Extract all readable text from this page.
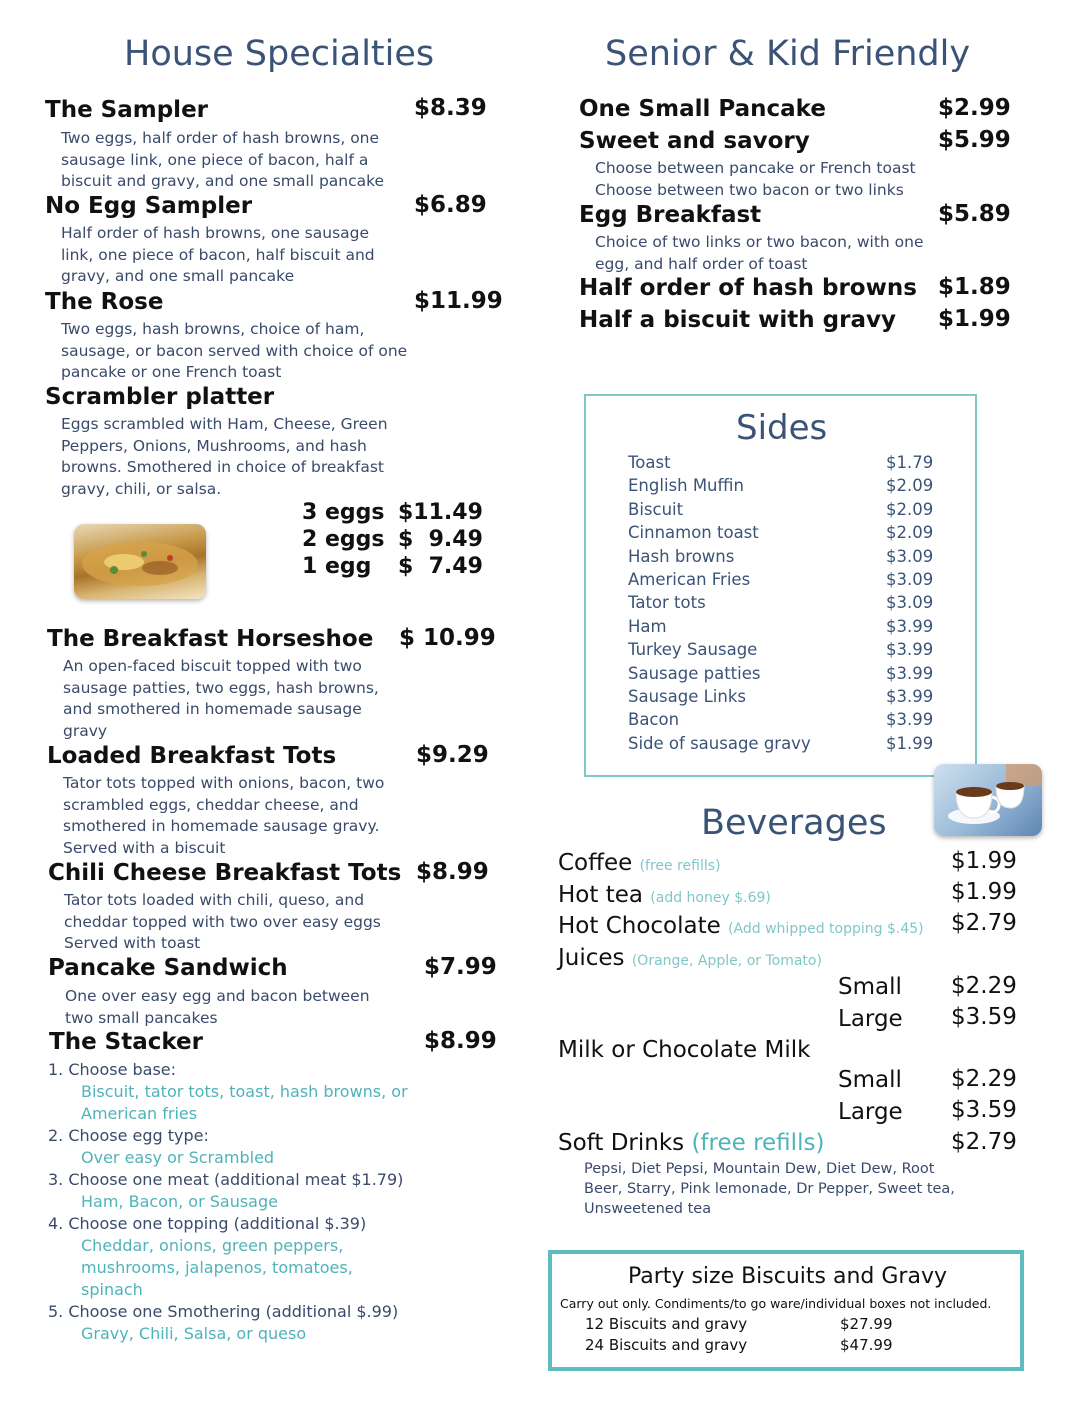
House Specialties
The Sampler	$8.39
Two eggs, half order of hash browns, one
sausage link, one piece of bacon, half a
biscuit and gravy, and one small pancake
No Egg Sampler	$6.89
Half order of hash browns, one sausage
link, one piece of bacon, half biscuit and
gravy, and one small pancake
The Rose	$11.99
Two eggs, hash browns, choice of ham,
sausage, or bacon served with choice of one
pancake or one French toast
Scrambler platter
Eggs scrambled with Ham, Cheese, Green
Peppers, Onions, Mushrooms, and hash
browns. Smothered in choice of breakfast
gravy, chili, or salsa.
3 eggs $11.49
2 eggs $  9.49
1 egg $  7.49
The Breakfast Horseshoe $ 10.99
An open-faced biscuit topped with two
sausage patties, two eggs, hash browns,
and smothered in homemade sausage
gravy
Loaded Breakfast Tots	$9.29
Tator tots topped with onions, bacon, two
scrambled eggs, cheddar cheese, and
smothered in homemade sausage gravy.
Served with a biscuit
Chili Cheese Breakfast Tots $8.99
Tator tots loaded with chili, queso, and
cheddar topped with two over easy eggs
Served with toast
Pancake Sandwich	$7.99
One over easy egg and bacon between
two small pancakes
The Stacker	$8.99
1. Choose base:
Biscuit, tator tots, toast, hash browns, or
American fries
2. Choose egg type:
Over easy or Scrambled
3. Choose one meat (additional meat $1.79)
Ham, Bacon, or Sausage
4. Choose one topping (additional $.39)
Cheddar, onions, green peppers,
mushrooms, jalapenos, tomatoes,
spinach
5. Choose one Smothering (additional $.99)
Gravy, Chili, Salsa, or queso
Senior & Kid Friendly
One Small Pancake	$2.99
Sweet and savory	$5.99
Choose between pancake or French toast
Choose between two bacon or two links
Egg Breakfast	$5.89
Choice of two links or two bacon, with one
egg, and half order of toast
Half order of hash browns $1.89
Half a biscuit with gravy $1.99
Sides
Toast	$1.79
English Muffin	$2.09
Biscuit	$2.09
Cinnamon toast	$2.09
Hash browns	$3.09
American Fries	$3.09
Tator tots	$3.09
Ham	$3.99
Turkey Sausage	$3.99
Sausage patties	$3.99
Sausage Links	$3.99
Bacon	$3.99
Side of sausage gravy	$1.99
Beverages
Coffee (free refills)	$1.99
Hot tea (add honey $.69)	$1.99
Hot Chocolate (Add whipped topping $.45) $2.79
Juices (Orange, Apple, or Tomato)
Small $2.29
Large $3.59
Milk or Chocolate Milk
Small $2.29
Large $3.59
Soft Drinks (free refills)	$2.79
Pepsi, Diet Pepsi, Mountain Dew, Diet Dew, Root
Beer, Starry, Pink lemonade, Dr Pepper, Sweet tea,
Unsweetened tea
Party size Biscuits and Gravy
Carry out only. Condiments/to go ware/individual boxes not included.
12 Biscuits and gravy	$27.99
24 Biscuits and gravy	$47.99
